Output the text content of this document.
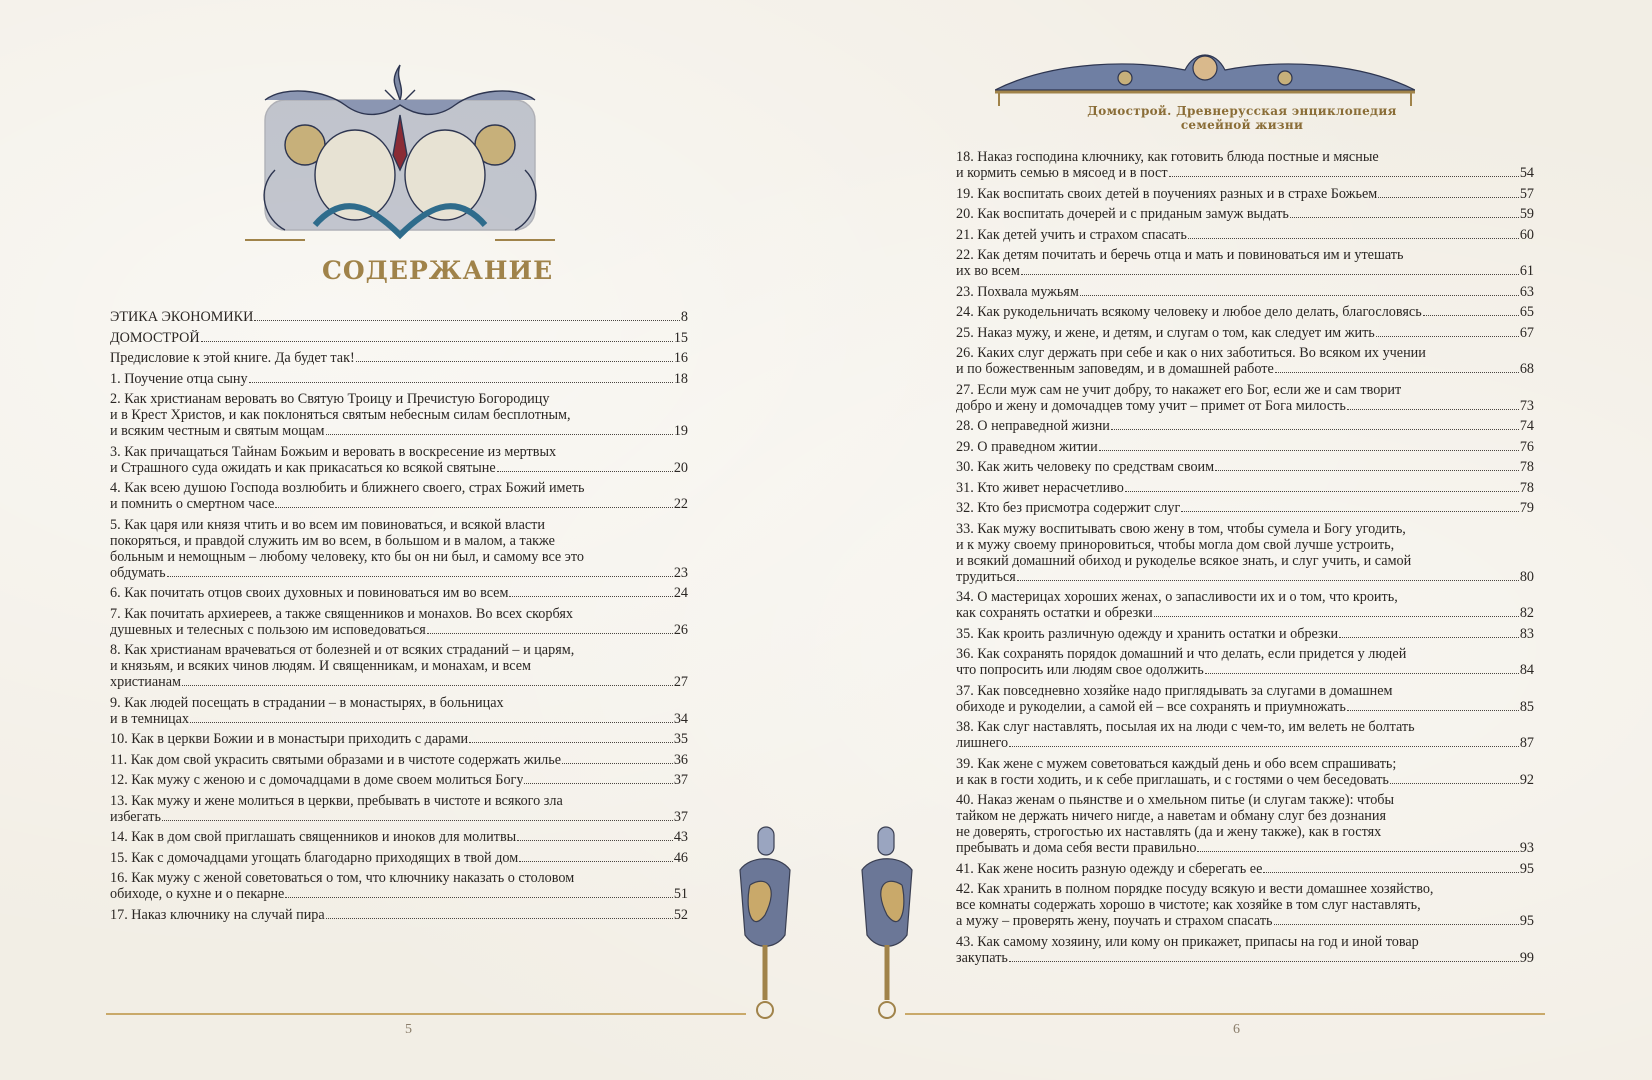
СОДЕРЖАНИЕ
Домострой. Древнерусская энциклопедия семейной жизни
ЭТИКА ЭКОНОМИКИ	8
ДОМОСТРОЙ	15
Предисловие к этой книге. Да будет так!	16
1. Поучение отца сыну	18
2. Как христианам веровать во Святую Троицу и Пречистую Богородицу
и в Крест Христов, и как поклоняться святым небесным силам бесплотным,
и всяким честным и святым мощам	19
3. Как причащаться Тайнам Божьим и веровать в воскресение из мертвых
и Страшного суда ожидать и как прикасаться ко всякой святыне	20
4. Как всею душою Господа возлюбить и ближнего своего, страх Божий иметь
и помнить о смертном часе	22
5. Как царя или князя чтить и во всем им повиноваться, и всякой власти
покоряться, и правдой служить им во всем, в большом и в малом, а также
больным и немощным – любому человеку, кто бы он ни был, и самому все это
обдумать	23
6. Как почитать отцов своих духовных и повиноваться им во всем	24
7. Как почитать архиереев, а также священников и монахов. Во всех скорбях
душевных и телесных с пользою им исповедоваться	26
8. Как христианам врачеваться от болезней и от всяких страданий – и царям,
и князьям, и всяких чинов людям. И священникам, и монахам, и всем
христианам	27
9. Как людей посещать в страдании – в монастырях, в больницах
и в темницах	34
10. Как в церкви Божии и в монастыри приходить с дарами	35
11. Как дом свой украсить святыми образами и в чистоте содержать жилье	36
12. Как мужу с женою и с домочадцами в доме своем молиться Богу	37
13. Как мужу и жене молиться в церкви, пребывать в чистоте и всякого зла
избегать	37
14. Как в дом свой приглашать священников и иноков для молитвы	43
15. Как с домочадцами угощать благодарно приходящих в твой дом	46
16. Как мужу с женой советоваться о том, что ключнику наказать о столовом
обиходе, о кухне и о пекарне	51
17. Наказ ключнику на случай пира	52
18. Наказ господина ключнику, как готовить блюда постные и мясные
и кормить семью в мясоед и в пост	54
19. Как воспитать своих детей в поучениях разных и в страхе Божьем	57
20. Как воспитать дочерей и с приданым замуж выдать	59
21. Как детей учить и страхом спасать	60
22. Как детям почитать и беречь отца и мать и повиноваться им и утешать
их во всем	61
23. Похвала мужьям	63
24. Как рукодельничать всякому человеку и любое дело делать, благословясь	65
25. Наказ мужу, и жене, и детям, и слугам о том, как следует им жить	67
26. Каких слуг держать при себе и как о них заботиться. Во всяком их учении
и по божественным заповедям, и в домашней работе	68
27. Если муж сам не учит добру, то накажет его Бог, если же и сам творит
добро и жену и домочадцев тому учит – примет от Бога милость	73
28. О неправедной жизни	74
29. О праведном житии	76
30. Как жить человеку по средствам своим	78
31. Кто живет нерасчетливо	78
32. Кто без присмотра содержит слуг	79
33. Как мужу воспитывать свою жену в том, чтобы сумела и Богу угодить,
и к мужу своему приноровиться, чтобы могла дом свой лучше устроить,
и всякий домашний обиход и рукоделье всякое знать, и слуг учить, и самой
трудиться	80
34. О мастерицах хороших женах, о запасливости их и о том, что кроить,
как сохранять остатки и обрезки	82
35. Как кроить различную одежду и хранить остатки и обрезки	83
36. Как сохранять порядок домашний и что делать, если придется у людей
что попросить или людям свое одолжить	84
37. Как повседневно хозяйке надо приглядывать за слугами в домашнем
обиходе и рукоделии, а самой ей – все сохранять и приумножать	85
38. Как слуг наставлять, посылая их на люди с чем-то, им велеть не болтать
лишнего	87
39. Как жене с мужем советоваться каждый день и обо всем спрашивать;
и как в гости ходить, и к себе приглашать, и с гостями о чем беседовать	92
40. Наказ женам о пьянстве и о хмельном питье (и слугам также): чтобы
тайком не держать ничего нигде, а наветам и обману слуг без дознания
не доверять, строгостью их наставлять (да и жену также), как в гостях
пребывать и дома себя вести правильно	93
41. Как жене носить разную одежду и сберегать ее	95
42. Как хранить в полном порядке посуду всякую и вести домашнее хозяйство,
все комнаты содержать хорошо в чистоте; как хозяйке в том слуг наставлять,
а мужу – проверять жену, поучать и страхом спасать	95
43. Как самому хозяину, или кому он прикажет, припасы на год и иной товар
закупать	99
5	6
